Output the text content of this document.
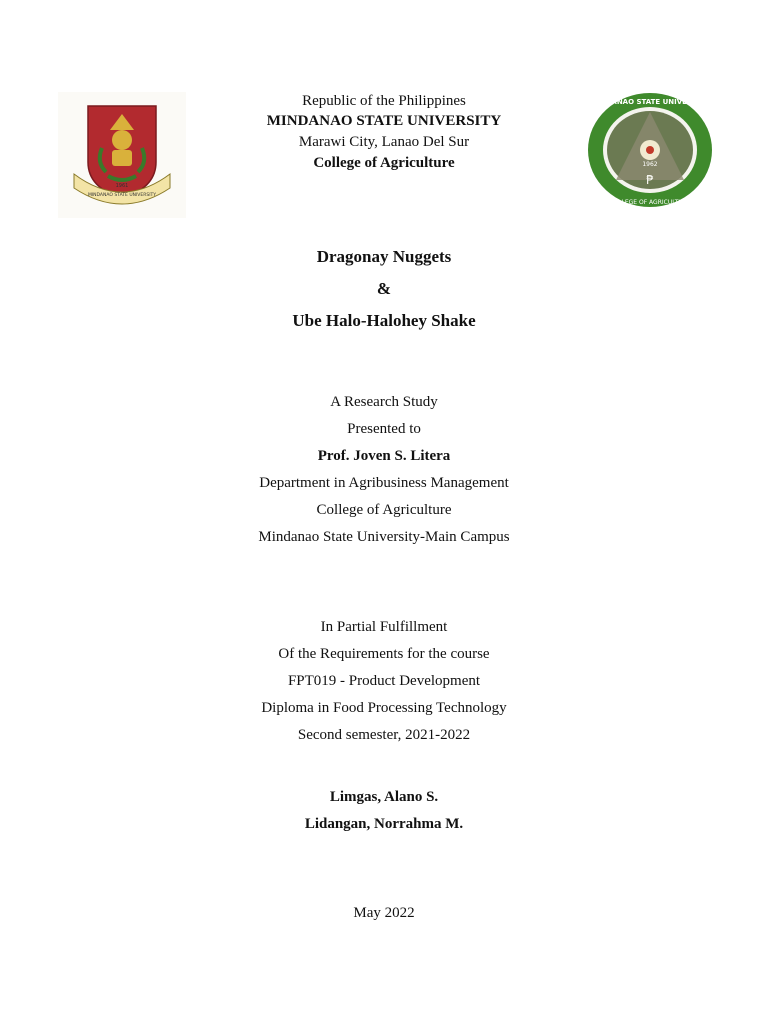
1961
MINDANAO STATE UNIVERSITY
₱
1962
MINDANAO STATE UNIVERSITY
COLLEGE OF AGRICULTURE
Republic of the Philippines
MINDANAO STATE UNIVERSITY
Marawi City, Lanao Del Sur
College of Agriculture
Dragonay Nuggets
&
Ube Halo-Halohey Shake
A Research Study
Presented to
Prof. Joven S. Litera
Department in Agribusiness Management
College of Agriculture
Mindanao State University-Main Campus
In Partial Fulfillment
Of the Requirements for the course
FPT019 - Product Development
Diploma in Food Processing Technology
Second semester, 2021-2022
Limgas, Alano S.
Lidangan, Norrahma M.
May 2022
